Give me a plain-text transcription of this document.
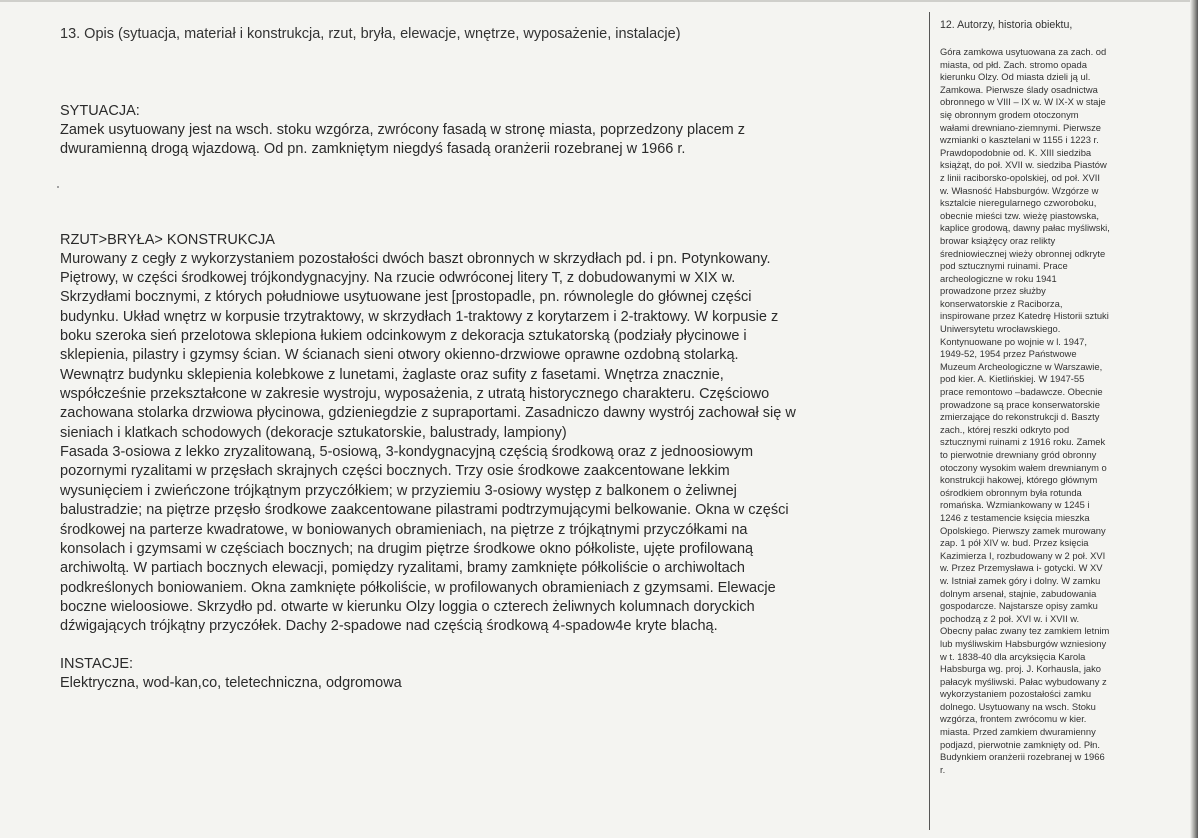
13. Opis (sytuacja, materiał i konstrukcja, rzut, bryła, elewacje, wnętrze, wyposażenie, instalacje)
SYTUACJA:

Zamek usytuowany jest na wsch. stoku wzgórza, zwrócony fasadą w stronę miasta, poprzedzony placem z
dwuramienną drogą wjazdową. Od pn. zamkniętym niegdyś fasadą oranżerii rozebranej w 1966 r.

RZUT>BRYŁA> KONSTRUKCJA

Murowany z cegły z wykorzystaniem pozostałości dwóch baszt obronnych w skrzydłach pd. i pn. Potynkowany.
Piętrowy, w części środkowej trójkondygnacyjny. Na rzucie odwróconej litery T, z dobudowanymi w XIX w.
Skrzydłami bocznymi, z których południowe usytuowane jest [prostopadle, pn. równolegle do głównej części
budynku. Układ wnętrz w korpusie trzytraktowy, w skrzydłach 1-traktowy z korytarzem i 2-traktowy. W korpusie z
boku szeroka sień przelotowa sklepiona łukiem odcinkowym z dekoracja sztukatorską (podziały płycinowe i
sklepienia, pilastry i gzymsy ścian. W ścianach sieni otwory okienno-drzwiowe oprawne ozdobną stolarką.
Wewnątrz budynku sklepienia kolebkowe z lunetami, żaglaste oraz sufity z fasetami. Wnętrza znacznie,
współcześnie przekształcone w zakresie wystroju, wyposażenia, z utratą historycznego charakteru. Częściowo
zachowana stolarka drzwiowa płycinowa, gdzieniegdzie z supraportami. Zasadniczo dawny wystrój zachował się w
sieniach i klatkach schodowych (dekoracje sztukatorskie, balustrady, lampiony)
Fasada 3-osiowa z lekko zryzalitowaną, 5-osiową, 3-kondygnacyjną częścią środkową oraz z jednoosiowym
pozornymi ryzalitami w przęsłach skrajnych części bocznych. Trzy osie środkowe zaakcentowane lekkim
wysunięciem i zwieńczone trójkątnym przyczółkiem; w przyziemiu 3-osiowy występ z balkonem o żeliwnej
balustradzie; na piętrze przęsło środkowe zaakcentowane pilastrami podtrzymującymi belkowanie. Okna w części
środkowej na parterze kwadratowe, w boniowanych obramieniach, na piętrze z trójkątnymi przyczółkami na
konsolach i gzymsami w częściach bocznych; na drugim piętrze środkowe okno półkoliste, ujęte profilowaną
archiwoltą. W partiach bocznych elewacji, pomiędzy ryzalitami, bramy zamknięte półkoliście o archiwoltach
podkreślonych boniowaniem. Okna zamknięte półkoliście, w profilowanych obramieniach z gzymsami. Elewacje
boczne wieloosiowe. Skrzydło pd. otwarte w kierunku Olzy loggia o czterech żeliwnych kolumnach doryckich
dźwigających trójkątny przyczółek. Dachy 2-spadowe nad częścią środkową 4-spadow4e kryte blachą.

INSTACJE:

Elektryczna, wod-kan,co, teletechniczna, odgromowa

12. Autorzy, historia obiektu,

Góra zamkowa usytuowana za zach. od
miasta, od płd. Zach. stromo opada
kierunku Olzy. Od miasta dzieli ją ul.
Zamkowa. Pierwsze ślady osadnictwa
obronnego w VIII – IX w. W IX-X w staje
się obronnym grodem otoczonym
wałami drewniano-ziemnymi. Pierwsze
wzmianki o kasztelani w 1155 i 1223 r.
Prawdopodobnie od. K. XIII siedziba
książąt, do poł. XVII w. siedziba Piastów
z linii raciborsko-opolskiej, od poł. XVII
w. Własność Habsburgów. Wzgórze w
ksztalcie nieregularnego czworoboku,
obecnie mieści tzw. wieżę piastowska,
kaplice grodową, dawny pałac myśliwski,
browar książęcy oraz relikty
średniowiecznej wieży obronnej odkryte
pod sztucznymi ruinami. Prace
archeologiczne w roku 1941
prowadzone przez służby
konserwatorskie z Raciborza,
inspirowane przez Katedrę Historii sztuki
Uniwersytetu wrocławskiego.
Kontynuowane po wojnie w l. 1947,
1949-52, 1954 przez Państwowe
Muzeum Archeologiczne w Warszawie,
pod kier. A. Kietlińskiej. W 1947-55
prace remontowo –badawcze. Obecnie
prowadzone są prace konserwatorskie
zmierzające do rekonstrukcji d. Baszty
zach., której reszki odkryto pod
sztucznymi ruinami z 1916 roku. Zamek
to pierwotnie drewniany gród obronny
otoczony wysokim wałem drewnianym o
konstrukcji hakowej, którego głównym
ośrodkiem obronnym była rotunda
romańska. Wzmiankowany w 1245 i
1246 z testamencie księcia mieszka
Opolskiego. Pierwszy zamek murowany
zap. 1 pół XIV w. bud. Przez księcia
Kazimierza I, rozbudowany w 2 poł. XVI
w. Przez Przemysława i- gotycki. W XV
w. Istniał zamek góry i dolny. W zamku
dolnym arsenał, stajnie, zabudowania
gospodarcze. Najstarsze opisy zamku
pochodzą z 2 poł. XVI w. i XVII w.
Obecny pałac zwany tez zamkiem letnim
lub myśliwskim Habsburgów wzniesiony
w t. 1838-40 dla arcyksięcia Karola
Habsburga wg. proj. J. Korhausla, jako
pałacyk myśliwski. Pałac wybudowany z
wykorzystaniem pozostałości zamku
dolnego. Usytuowany na wsch. Stoku
wzgórza, frontem zwrócomu w kier.
miasta. Przed zamkiem dwuramienny
podjazd, pierwotnie zamknięty od. Płn.
Budynkiem oranżerii rozebranej w 1966
r.
